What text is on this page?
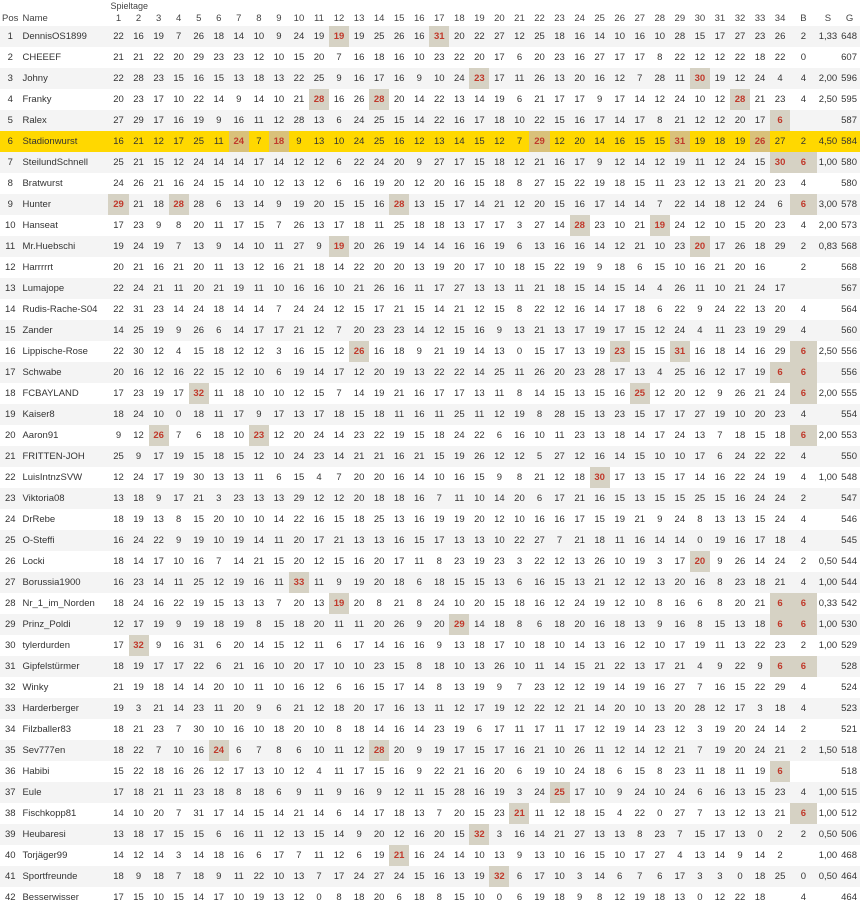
		Spieltage																																				
Pos	Name	1	2	3	4	5	6	7	8	9	10	11	12	13	14	15	16	17	18	19	20	21	22	23	24	25	26	27	28	29	30	31	32	33	34	B	S	G
1	DennisOS1899	22	16	19	7	26	18	14	10	9	24	19	19	19	25	26	16	31	20	22	27	12	25	18	16	14	10	16	10	28	15	17	27	23	26	2	1,33	648
2	CHEEEF	21	21	22	20	29	23	23	12	10	15	20	7	16	18	16	10	23	22	20	17	6	20	23	16	27	17	17	8	22	12	12	22	18	22	0		607
3	Johny	22	28	23	15	16	15	13	18	13	22	25	9	16	17	16	9	10	24	23	17	11	26	13	20	16	12	7	28	11	30	19	12	24	4	4	2,00	596
4	Franky	20	23	17	10	22	14	9	14	10	21	28	16	26	28	20	14	22	13	14	19	6	21	17	17	9	17	14	12	24	10	12	28	21	23	4	2,50	595
5	Ralex	27	29	17	16	19	9	16	11	12	28	13	6	24	25	15	14	22	16	17	18	10	22	15	16	17	14	17	8	21	12	12	20	17	6			587
6	Stadionwurst	16	21	12	17	25	11	24	7	18	9	13	10	24	25	16	12	13	14	15	12	7	29	12	20	14	16	15	15	31	19	18	19	26	27	2	4,50	584
7	SteilundSchnell	25	21	15	12	24	14	14	17	14	12	12	6	22	24	20	9	27	17	15	18	12	21	16	17	9	12	14	12	19	11	12	24	15	30	6	1,00	580
8	Bratwurst	24	26	21	16	24	15	14	10	12	13	12	6	16	19	20	12	20	16	15	18	8	27	15	22	19	18	15	11	23	12	13	21	20	23	4		580
9	Hunter	29	21	18	28	28	6	13	14	9	19	20	15	15	16	28	13	15	17	14	21	12	20	15	16	17	14	14	7	22	14	18	12	24	6	6	3,00	578
10	Hanseat	17	23	9	8	20	11	17	15	7	26	13	17	18	11	25	18	18	13	17	17	3	27	14	28	23	10	21	19	24	12	10	15	20	23	4	2,00	573
11	Mr.Huebschi	19	24	19	7	13	9	14	10	11	27	9	19	20	26	19	14	14	16	16	19	6	13	16	16	14	12	21	10	23	20	17	26	18	29	2	0,83	568
12	Harrrrrt	20	21	16	21	20	11	13	12	16	21	18	14	22	20	20	13	19	20	17	10	18	15	22	19	9	18	6	15	10	16	21	20	16		2		568
13	Lumajope	22	24	21	11	20	21	19	11	10	16	16	10	21	26	16	11	17	27	13	13	11	21	18	15	14	15	14	4	26	11	10	21	24	17			567
14	Rudis-Rache-S04	22	31	23	14	24	18	14	14	7	24	24	12	15	17	21	15	14	21	12	15	8	22	12	16	14	17	18	6	22	9	24	22	13	20	4		564
15	Zander	14	25	19	9	26	6	14	17	17	21	12	7	20	23	23	14	12	15	16	9	13	21	13	17	19	17	15	12	24	4	11	23	19	29	4		560
16	Lippische-Rose	22	30	12	4	15	18	12	12	3	16	15	12	26	16	18	9	21	19	14	13	0	15	17	13	19	23	15	15	31	16	18	14	16	29	6	2,50	556
17	Schwabe	20	16	12	16	22	15	12	10	6	19	14	17	12	20	19	13	22	22	14	25	11	26	20	23	28	17	13	4	25	16	12	17	19	6	6		556
18	FCBAYLAND	17	23	19	17	32	11	18	10	10	12	15	7	14	19	21	16	17	17	13	11	8	14	15	13	15	16	25	12	20	12	9	26	21	24	6	2,00	555
19	Kaiser8	18	24	10	0	18	11	17	9	17	13	17	18	15	18	11	16	11	25	11	12	19	8	28	15	13	23	15	17	17	27	19	10	20	23	4		554
20	Aaron91	9	12	26	7	6	18	10	23	12	20	24	14	23	22	19	15	18	24	22	6	16	10	11	23	13	18	14	17	24	13	7	18	15	18	6	2,00	553
21	FRITTEN-JOH	25	9	17	19	15	18	15	12	10	24	23	14	21	21	16	21	15	19	26	12	12	5	27	12	16	14	15	10	10	17	6	24	22	22	4		550
22	LuisIntnzSVW	12	24	17	19	30	13	13	11	6	15	4	7	20	20	16	14	10	16	15	9	8	21	12	18	30	17	13	15	17	14	16	22	24	19	4	1,00	548
23	Viktoria08	13	18	9	17	21	3	23	13	13	29	12	12	20	18	18	16	7	11	10	14	20	6	17	21	16	15	13	15	15	25	15	16	24	24	2		547
24	DrRebe	18	19	13	8	15	20	10	10	14	22	16	15	18	25	13	16	19	19	20	12	10	16	16	17	15	19	21	9	24	8	13	13	15	24	4		546
25	O-Steffi	16	24	22	9	19	10	19	14	11	20	17	21	13	13	16	15	17	13	13	10	22	27	7	21	18	11	16	14	14	0	19	16	17	18	4		545
26	Locki	18	14	17	10	16	7	14	21	15	20	12	15	16	20	17	11	8	23	19	23	3	22	12	13	26	10	19	3	17	20	9	26	14	24	2	0,50	544
27	Borussia1900	16	23	14	11	25	12	19	16	11	33	11	9	19	20	18	6	18	15	15	13	6	16	15	13	21	12	12	13	20	16	8	23	18	21	4	1,00	544
28	Nr_1_im_Norden	18	24	16	22	19	15	13	13	7	20	13	19	20	8	21	8	24	10	20	15	18	16	12	24	19	12	10	8	16	6	8	20	21	6	6	0,33	542
29	Prinz_Poldi	12	17	19	9	19	18	19	8	15	18	20	11	11	20	26	9	20	29	14	18	8	6	18	20	16	18	13	9	16	8	15	13	18	6	6	1,00	530
30	tylerdurden	17	32	9	16	31	6	20	14	15	12	11	6	17	14	16	16	9	13	18	17	10	18	10	14	13	16	12	10	17	19	11	13	22	23	2	1,00	529
31	Gipfelstürmer	18	19	17	17	22	6	21	16	10	20	17	10	10	23	15	8	18	10	13	26	10	11	14	15	21	22	13	17	21	4	9	22	9	6	6		528
32	Winky	21	19	18	14	14	20	10	11	10	16	12	6	16	15	17	14	8	13	19	9	7	23	12	12	19	14	19	16	27	7	16	15	22	29	4		524
33	Harderberger	19	3	21	14	23	11	20	9	6	21	12	18	20	17	16	13	11	12	17	19	12	22	12	21	14	20	10	13	20	28	12	17	3	18	4		523
34	Filzballer83	18	21	23	7	30	10	16	10	18	20	10	8	18	14	16	14	23	19	6	17	11	17	11	17	12	19	14	23	12	3	19	20	24	14	2		521
35	Sev777en	18	22	7	10	16	24	6	7	8	6	10	11	12	28	20	9	19	17	15	17	16	21	10	26	11	12	14	12	21	7	19	20	24	21	2	1,50	518
36	Habibi	15	22	18	16	26	12	17	13	10	12	4	11	17	15	16	9	22	21	16	20	6	19	10	24	18	6	15	8	23	11	18	11	19	6			518
37	Eule	17	18	21	11	23	18	8	18	6	9	11	9	16	9	12	11	15	28	16	19	3	24	25	17	10	9	24	10	24	6	16	13	15	23	4	1,00	515
38	Fischkopp81	14	10	20	7	31	17	14	15	14	21	14	6	14	17	18	13	7	20	15	23	21	11	12	18	15	4	22	0	27	7	13	12	13	21	6	1,00	512
39	Heubaresi	13	18	17	15	15	6	16	11	12	13	15	14	9	20	12	16	20	15	32	3	16	14	21	27	13	13	8	23	7	15	17	13	0	2	2	0,50	506
40	Torjäger99	14	12	14	3	14	18	16	6	17	7	11	12	6	19	21	16	24	14	10	13	9	13	10	16	15	10	17	27	4	13	14	9	14	2		1,00	468
41	Sportfreunde	18	9	18	7	18	9	11	22	10	13	7	17	24	27	24	15	16	13	19	32	6	17	10	3	14	6	7	6	17	3	3	0	18	25	0	0,50	464
42	Besserwisser	17	15	10	15	14	17	10	19	13	12	0	8	18	20	6	18	8	15	10	0	6	19	18	9	8	12	19	18	13	0	12	22	18		4		464
